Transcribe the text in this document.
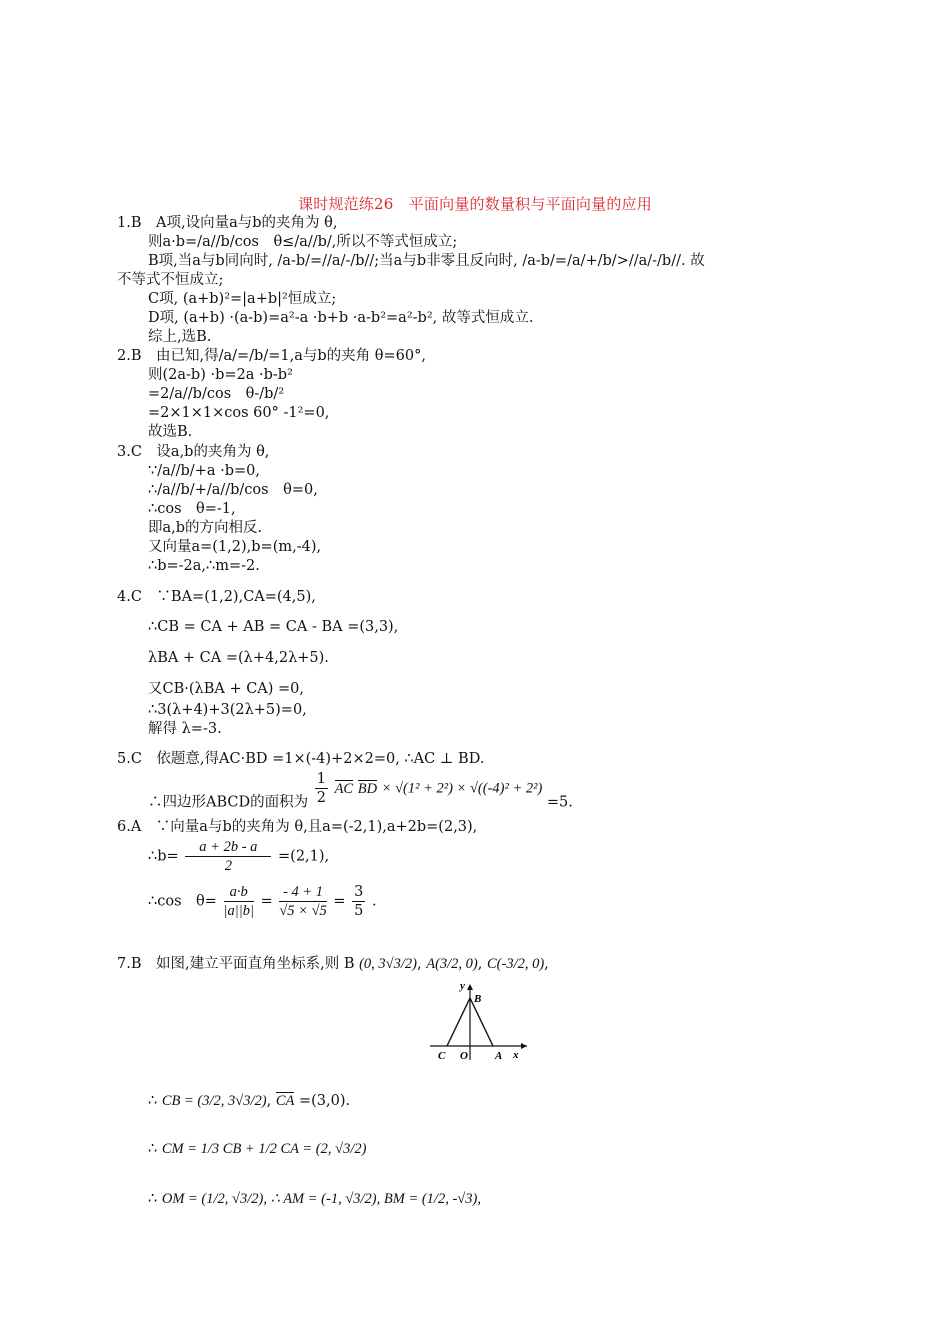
课时规范练26　平面向量的数量积与平面向量的应用
1.B　A项,设向量a与b的夹角为 θ,
则a·b=/a//b/cos　θ≤/a//b/,所以不等式恒成立;
B项,当a与b同向时, /a-b/=//a/-/b//;当a与b非零且反向时, /a-b/=/a/+/b/>//a/-/b//. 故
不等式不恒成立;
C项, (a+b)²=|a+b|²恒成立;
D项, (a+b) ·(a-b)=a²-a ·b+b ·a-b²=a²-b², 故等式恒成立.
综上,选B.
2.B　由已知,得/a/=/b/=1,a与b的夹角 θ=60°,
则(2a-b) ·b=2a ·b-b²
=2/a//b/cos　θ-/b/²
=2×1×1×cos 60° -1²=0,
故选B.
3.C　设a,b的夹角为 θ,
∵/a//b/+a ·b=0,
∴/a//b/+/a//b/cos　θ=0,
∴cos　θ=-1,
即a,b的方向相反.
又向量a=(1,2),b=(m,-4),
∴b=-2a,∴m=-2.
4.C　∵BA=(1,2),CA=(4,5),
∴CB = CA + AB = CA - BA =(3,3),
λBA + CA =(λ+4,2λ+5).
又CB·(λBA + CA) =0,
∴3(λ+4)+3(2λ+5)=0,
解得 λ=-3.
5.C　依题意,得AC·BD =1×(-4)+2×2=0, ∴AC ⊥ BD.
∴四边形ABCD的面积为 $\frac{1}{2}$ AC BD × √(1² + 2²) × √((-4)² + 2²) =5.
6.A　∵向量a与b的夹角为 θ,且a=(-2,1),a+2b=(2,3),
∴b= $\frac{a + 2b - a}{2} =(2,1)$,
∴cos　$\theta= \frac{a\cdot b}{|a||b|} = \frac{- 4 + 1}{√5 \times √5} = \frac{3}{5}$ .
7.B　如图,建立平面直角坐标系,则 B (0, 3√3/2), A(3/2, 0), C(-3/2, 0),
y
B
C O A x
∴ CB = (3/2, 3√3/2), CA =(3,0).
∴ CM = 1/3 CB + 1/2 CA = (2, √3/2)
∴ OM = (1/2, √3/2), ∴ AM = (-1, √3/2), BM = (1/2, -√3),
